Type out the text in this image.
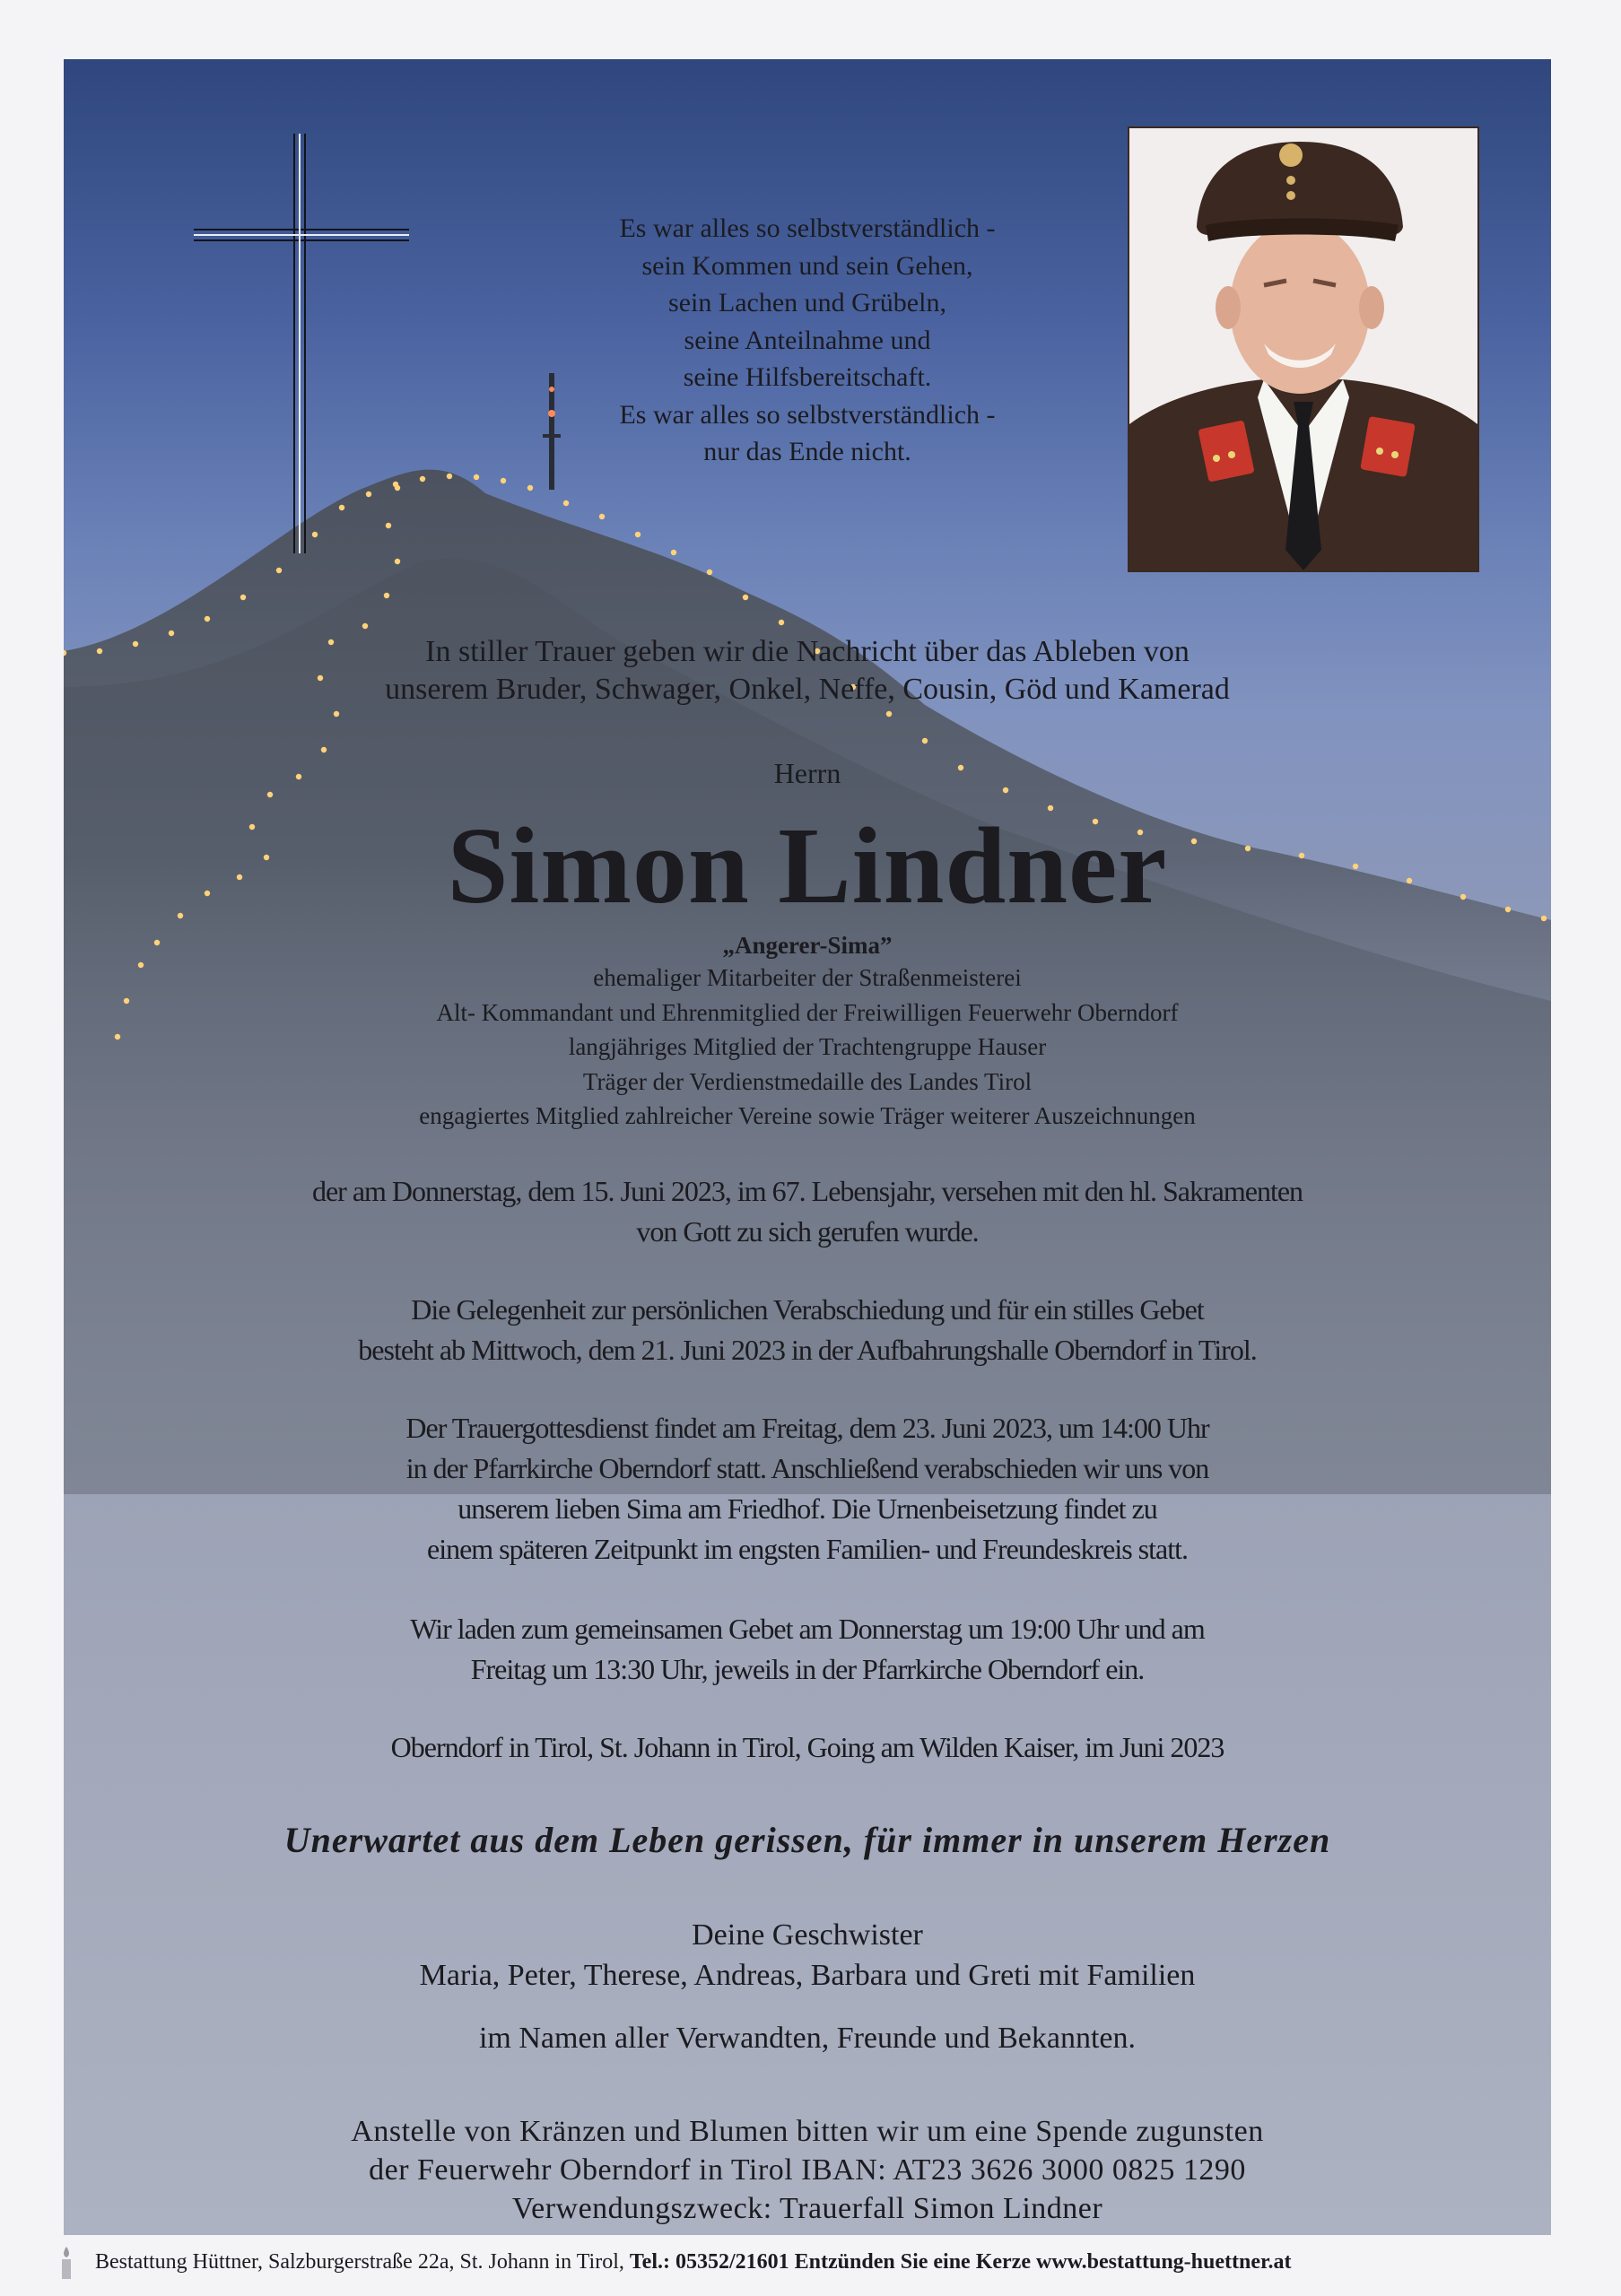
Es war alles so selbstverständlich -
sein Kommen und sein Gehen,
sein Lachen und Grübeln,
seine Anteilnahme und
seine Hilfsbereitschaft.
Es war alles so selbstverständlich -
nur das Ende nicht.
In stiller Trauer geben wir die Nachricht über das Ableben von
unserem Bruder, Schwager, Onkel, Neffe, Cousin, Göd und Kamerad
Herrn
Simon Lindner
„Angerer-Sima”
ehemaliger Mitarbeiter der Straßenmeisterei
Alt- Kommandant und Ehrenmitglied der Freiwilligen Feuerwehr Oberndorf
langjähriges Mitglied der Trachtengruppe Hauser
Träger der Verdienstmedaille des Landes Tirol
engagiertes Mitglied zahlreicher Vereine sowie Träger weiterer Auszeichnungen
der am Donnerstag, dem 15. Juni 2023, im 67. Lebensjahr, versehen mit den hl. Sakramenten
von Gott zu sich gerufen wurde.
Die Gelegenheit zur persönlichen Verabschiedung und für ein stilles Gebet
besteht ab Mittwoch, dem 21. Juni 2023 in der Aufbahrungshalle Oberndorf in Tirol.
Der Trauergottesdienst findet am Freitag, dem 23. Juni 2023, um 14:00 Uhr
in der Pfarrkirche Oberndorf statt. Anschließend verabschieden wir uns von
unserem lieben Sima am Friedhof. Die Urnenbeisetzung findet zu
einem späteren Zeitpunkt im engsten Familien- und Freundeskreis statt.
Wir laden zum gemeinsamen Gebet am Donnerstag um 19:00 Uhr und am
Freitag um 13:30 Uhr, jeweils in der Pfarrkirche Oberndorf ein.
Oberndorf in Tirol, St. Johann in Tirol, Going am Wilden Kaiser, im Juni 2023
Unerwartet aus dem Leben gerissen, für immer in unserem Herzen
Deine Geschwister
Maria, Peter, Therese, Andreas, Barbara und Greti mit Familien
im Namen aller Verwandten, Freunde und Bekannten.
Anstelle von Kränzen und Blumen bitten wir um eine Spende zugunsten
der Feuerwehr Oberndorf in Tirol IBAN: AT23 3626 3000 0825 1290
Verwendungszweck: Trauerfall Simon Lindner
Bestattung Hüttner, Salzburgerstraße 22a, St. Johann in Tirol, Tel.: 05352/21601 Entzünden Sie eine Kerze www.bestattung-huettner.at
